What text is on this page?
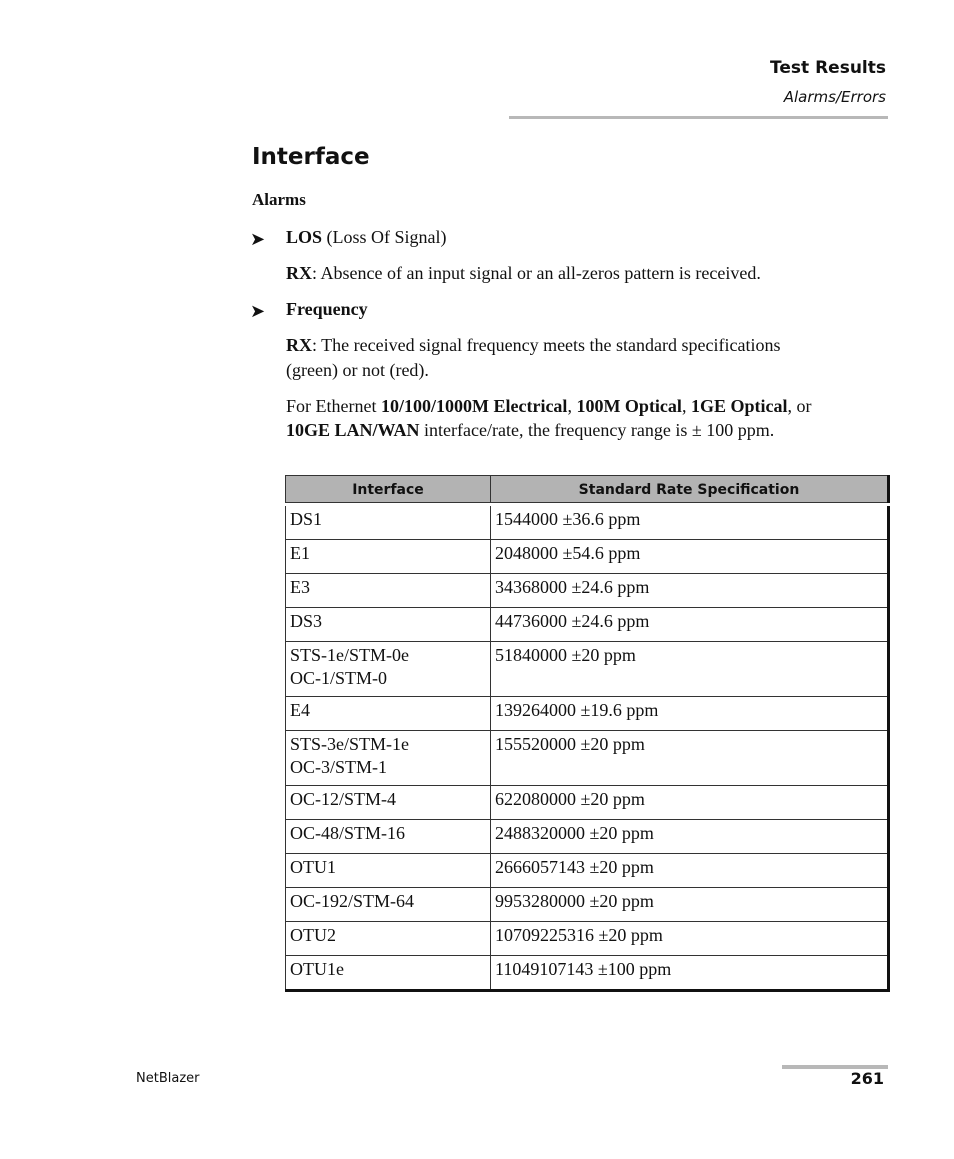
Test Results
Alarms/Errors
Interface
Alarms
➤ LOS (Loss Of Signal)
RX: Absence of an input signal or an all-zeros pattern is received.
➤ Frequency
RX: The received signal frequency meets the standard specifications
(green) or not (red).
For Ethernet 10/100/1000M Electrical, 100M Optical, 1GE Optical, or
10GE LAN/WAN interface/rate, the frequency range is ± 100 ppm.
Interface	Standard Rate Specification
DS1	1544000 ±36.6 ppm
E1	2048000 ±54.6 ppm
E3	34368000 ±24.6 ppm
DS3	44736000 ±24.6 ppm
STS-1e/STM-0e
OC-1/STM-0	51840000 ±20 ppm
E4	139264000 ±19.6 ppm
STS-3e/STM-1e
OC-3/STM-1	155520000 ±20 ppm
OC-12/STM-4	622080000 ±20 ppm
OC-48/STM-16	2488320000 ±20 ppm
OTU1	2666057143 ±20 ppm
OC-192/STM-64	9953280000 ±20 ppm
OTU2	10709225316 ±20 ppm
OTU1e	11049107143 ±100 ppm
NetBlazer	261
